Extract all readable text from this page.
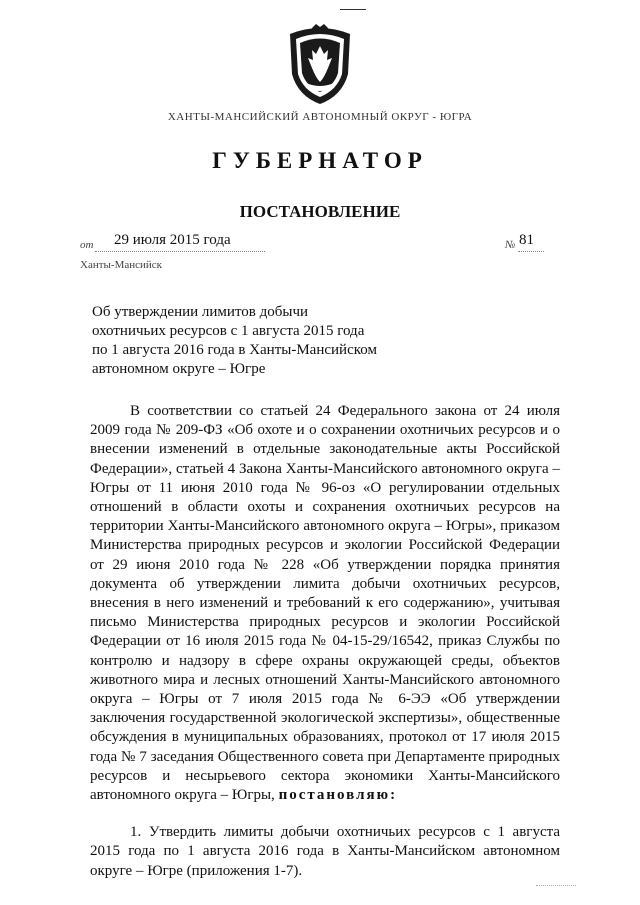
ХАНТЫ-МАНСИЙСКИЙ АВТОНОМНЫЙ ОКРУГ - ЮГРА
ГУБЕРНАТОР
ПОСТАНОВЛЕНИЕ
от 29 июля 2015 года	№ 81
Ханты-Мансийск
Об утверждении лимитов добычи
охотничьих ресурсов с 1 августа 2015 года
по 1 августа 2016 года в Ханты-Мансийском
автономном округе – Югре

В соответствии со статьей 24 Федерального закона от 24 июля 2009 года № 209-ФЗ «Об охоте и о сохранении охотничьих ресурсов и о внесении изменений в отдельные законодательные акты Российской Федерации», статьей 4 Закона Ханты-Мансийского автономного округа – Югры от 11 июня 2010 года № 96-оз «О регулировании отдельных отношений в области охоты и сохранения охотничьих ресурсов на территории Ханты-Мансийского автономного округа – Югры», приказом Министерства природных ресурсов и экологии Российской Федерации от 29 июня 2010 года № 228 «Об утверждении порядка принятия документа об утверждении лимита добычи охотничьих ресурсов, внесения в него изменений и требований к его содержанию», учитывая письмо Министерства природных ресурсов и экологии Российской Федерации от 16 июля 2015 года № 04-15-29/16542, приказ Службы по контролю и надзору в сфере охраны окружающей среды, объектов животного мира и лесных отношений Ханты-Мансийского автономного округа – Югры от 7 июля 2015 года № 6-ЭЭ «Об утверждении заключения государственной экологической экспертизы», общественные обсуждения в муниципальных образованиях, протокол от 17 июля 2015 года № 7 заседания Общественного совета при Департаменте природных ресурсов и несырьевого сектора экономики Ханты-Мансийского автономного округа – Югры, постановляю:

1. Утвердить лимиты добычи охотничьих ресурсов с 1 августа 2015 года по 1 августа 2016 года в Ханты-Мансийском автономном округе – Югре (приложения 1-7).
